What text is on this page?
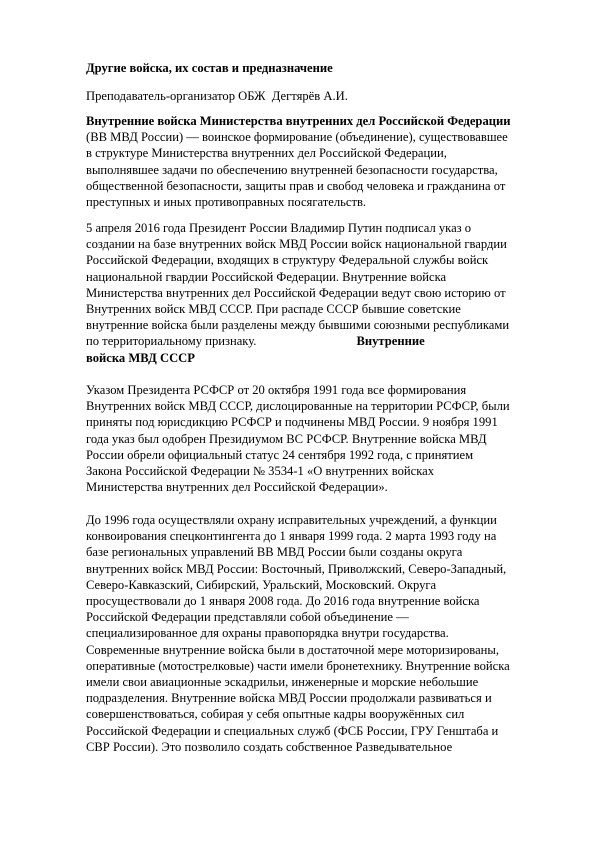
Другие войска, их состав и предназначение

Преподаватель-организатор ОБЖ  Дегтярёв А.И.

Внутренние войска Министерства внутренних дел Российской Федерации
(ВВ МВД России) — воинское формирование (объединение), существовавшее
в структуре Министерства внутренних дел Российской Федерации,
выполнявшее задачи по обеспечению внутренней безопасности государства,
общественной безопасности, защиты прав и свобод человека и гражданина от
преступных и иных противоправных посягательств.

5 апреля 2016 года Президент России Владимир Путин подписал указ о
создании на базе внутренних войск МВД России войск национальной гвардии
Российской Федерации, входящих в структуру Федеральной службы войск
национальной гвардии Российской Федерации. Внутренние войска
Министерства внутренних дел Российской Федерации ведут свою историю от
Внутренних войск МВД СССР. При распаде СССР бывшие советские
внутренние войска были разделены между бывшими союзными республиками
по территориальному признаку.	Внутренние
войска МВД СССР

Указом Президента РСФСР от 20 октября 1991 года все формирования
Внутренних войск МВД СССР, дислоцированные на территории РСФСР, были
приняты под юрисдикцию РСФСР и подчинены МВД России. 9 ноября 1991
года указ был одобрен Президиумом ВС РСФСР. Внутренние войска МВД
России обрели официальный статус 24 сентября 1992 года, с принятием
Закона Российской Федерации № 3534-1 «О внутренних войсках
Министерства внутренних дел Российской Федерации».

До 1996 года осуществляли охрану исправительных учреждений, а функции
конвоирования спецконтингента до 1 января 1999 года. 2 марта 1993 году на
базе региональных управлений ВВ МВД России были созданы округа
внутренних войск МВД России: Восточный, Приволжский, Северо-Западный,
Северо-Кавказский, Сибирский, Уральский, Московский. Округа
просуществовали до 1 января 2008 года. До 2016 года внутренние войска
Российской Федерации представляли собой объединение —
специализированное для охраны правопорядка внутри государства.
Современные внутренние войска были в достаточной мере моторизированы,
оперативные (мотострелковые) части имели бронетехнику. Внутренние войска
имели свои авиационные эскадрильи, инженерные и морские небольшие
подразделения. Внутренние войска МВД России продолжали развиваться и
совершенствоваться, собирая у себя опытные кадры вооружённых сил
Российской Федерации и специальных служб (ФСБ России, ГРУ Генштаба и
СВР России). Это позволило создать собственное Разведывательное
